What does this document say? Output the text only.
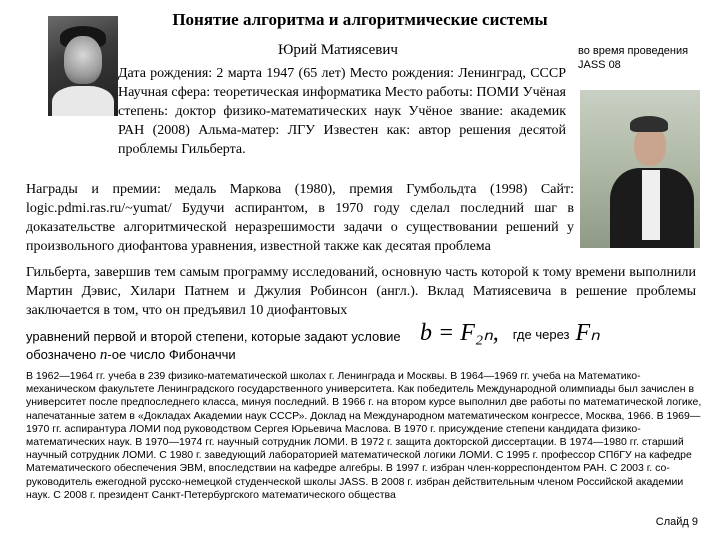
Понятие алгоритма и алгоритмические системы
Юрий Матиясевич	во время проведения JASS 08
Дата рождения: 2 марта 1947 (65 лет) Место рождения: Ленинград, СССР Научная сфера: теоретическая информатика Место работы: ПОМИ Учёная степень: доктор физико-математических наук Учёное звание: академик РАН (2008) Альма-матер: ЛГУ Известен как: автор решения десятой проблемы Гильберта.
Награды и премии: медаль Маркова (1980), премия Гумбольдта (1998) Сайт: logic.pdmi.ras.ru/~yumat/ Будучи аспирантом, в 1970 году сделал последний шаг в доказательстве алгоритмической неразрешимости задачи о существовании решений у произвольного диофантова уравнения, известной также как десятая проблема
Гильберта, завершив тем самым программу исследований, основную часть которой к тому времени выполнили Мартин Дэвис, Хилари Патнем и Джулия Робинсон (англ.). Вклад Матиясевича в решение проблемы заключается в том, что он предъявил 10 диофантовых
уравнений первой и второй степени, которые задают условие
обозначено n-ое число Фибоначчи
b = F₂ₙ, где через Fₙ
В 1962—1964 гг. учеба в 239 физико-математической школах г. Ленинграда и Москвы. В 1964—1969 гг. учеба на Математико-механическом факультете Ленинградского государственного университета. Как победитель Международной олимпиады был зачислен в университет после предпоследнего класса, минуя последний. В 1966 г. на втором курсе выполнил две работы по математической логике, напечатанные затем в «Докладах Академии наук СССР». Доклад на Международном математическом конгрессе, Москва, 1966. В 1969—1970 гг. аспирантура ЛОМИ под руководством Сергея Юрьевича Маслова. В 1970 г. присуждение степени кандидата физико-математических наук. В 1970—1974 гг. научный сотрудник ЛОМИ. В 1972 г. защита докторской диссертации. В 1974—1980 гг. старший научный сотрудник ЛОМИ. С 1980 г. заведующий лабораторией математической логики ЛОМИ. С 1995 г. профессор СПбГУ на кафедре Математического обеспечения ЭВМ, впоследствии на кафедре алгебры. В 1997 г. избран член-корреспондентом РАН. С 2003 г. со-руководитель ежегодной русско-немецкой студенческой школы JASS. В 2008 г. избран действительным членом Российской академии наук. С 2008 г. президент Санкт-Петербургского математического общества
Слайд 9
